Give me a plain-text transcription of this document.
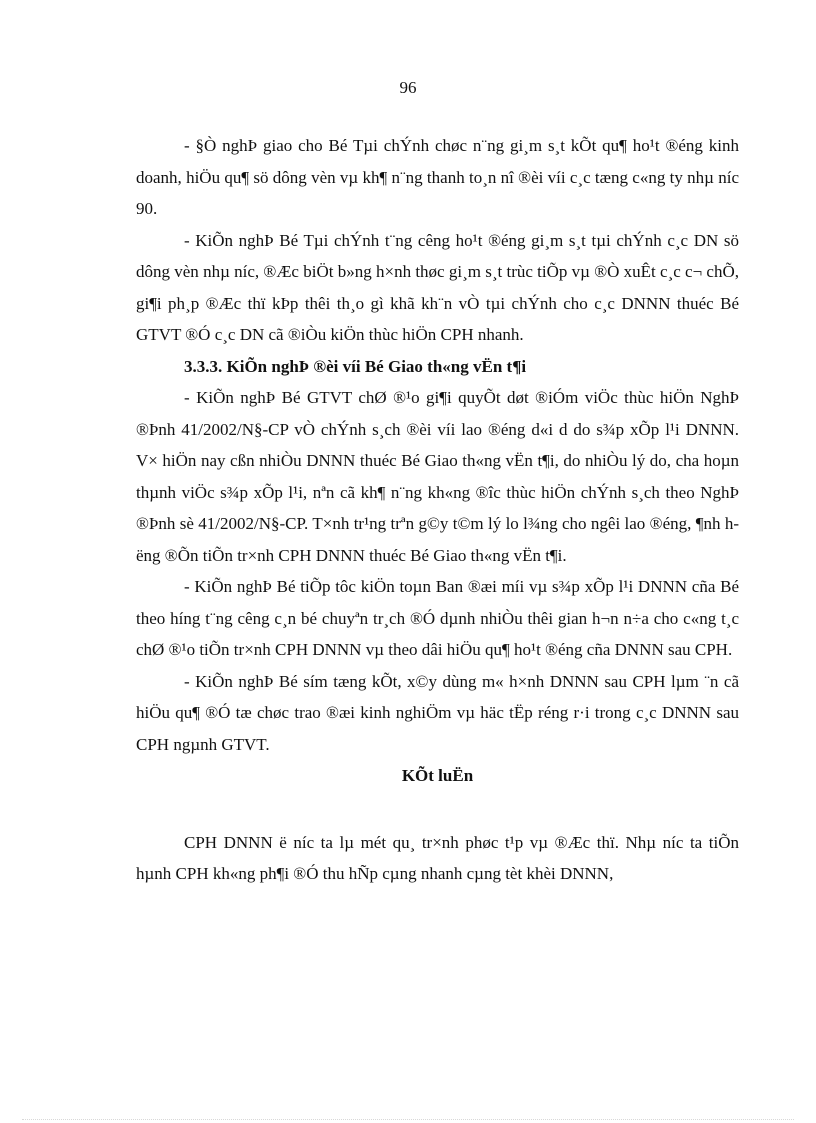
96

- §Ò nghÞ giao cho Bé Tµi chÝnh chøc n¨ng gi¸m s¸t kÕt qu¶ ho¹t ®éng kinh doanh, hiÖu qu¶ sö dông vèn vµ kh¶ n¨ng thanh to¸n nî ®èi víi c¸c tæng c«ng ty nhµ níc 90.

- KiÕn nghÞ Bé Tµi chÝnh t¨ng cêng ho¹t ®éng gi¸m s¸t tµi chÝnh c¸c DN sö dông vèn nhµ níc, ®Æc biÖt b»ng h×nh thøc gi¸m s¸t trùc tiÕp vµ ®Ò xuÊt c¸c c¬ chÕ, gi¶i ph¸p ®Æc thï kÞp thêi th¸o gì khã kh¨n vÒ tµi chÝnh cho c¸c DNNN thuéc Bé GTVT ®Ó c¸c DN cã ®iÒu kiÖn thùc hiÖn CPH nhanh.

3.3.3. KiÕn nghÞ ®èi víi Bé Giao th«ng vËn t¶i

- KiÕn nghÞ Bé GTVT chØ ®¹o gi¶i quyÕt døt ®iÓm viÖc thùc hiÖn NghÞ ®Þnh 41/2002/N§-CP vÒ chÝnh s¸ch ®èi víi lao ®éng d«i d do s¾p xÕp l¹i DNNN. V× hiÖn nay cßn nhiÒu DNNN thuéc Bé Giao th«ng vËn t¶i, do nhiÒu lý do, cha hoµn thµnh viÖc s¾p xÕp l¹i, nªn cã kh¶ n¨ng kh«ng ®îc thùc hiÖn chÝnh s¸ch theo NghÞ ®Þnh sè 41/2002/N§-CP. T×nh tr¹ng trªn g©y t©m lý lo l¾ng cho ngêi lao ®éng, ¶nh hëng ®Õn tiÕn tr×nh CPH DNNN thuéc Bé Giao th«ng vËn t¶i.

- KiÕn nghÞ Bé tiÕp tôc kiÖn toµn Ban ®æi míi vµ s¾p xÕp l¹i DNNN cña Bé theo híng t¨ng cêng c¸n bé chuyªn tr¸ch ®Ó dµnh nhiÒu thêi gian h¬n n÷a cho c«ng t¸c chØ ®¹o tiÕn tr×nh CPH DNNN vµ theo dâi hiÖu qu¶ ho¹t ®éng cña DNNN sau CPH.

- KiÕn nghÞ Bé sím tæng kÕt, x©y dùng m« h×nh DNNN sau CPH lµm ¨n cã hiÖu qu¶ ®Ó tæ chøc trao ®æi kinh nghiÖm vµ häc tËp réng r·i trong c¸c DNNN sau CPH ngµnh GTVT.

KÕt luËn

CPH DNNN ë níc ta lµ mét qu¸ tr×nh phøc t¹p vµ ®Æc thï. Nhµ níc ta tiÕn hµnh CPH kh«ng ph¶i ®Ó thu hÑp cµng nhanh cµng tèt khèi DNNN,
